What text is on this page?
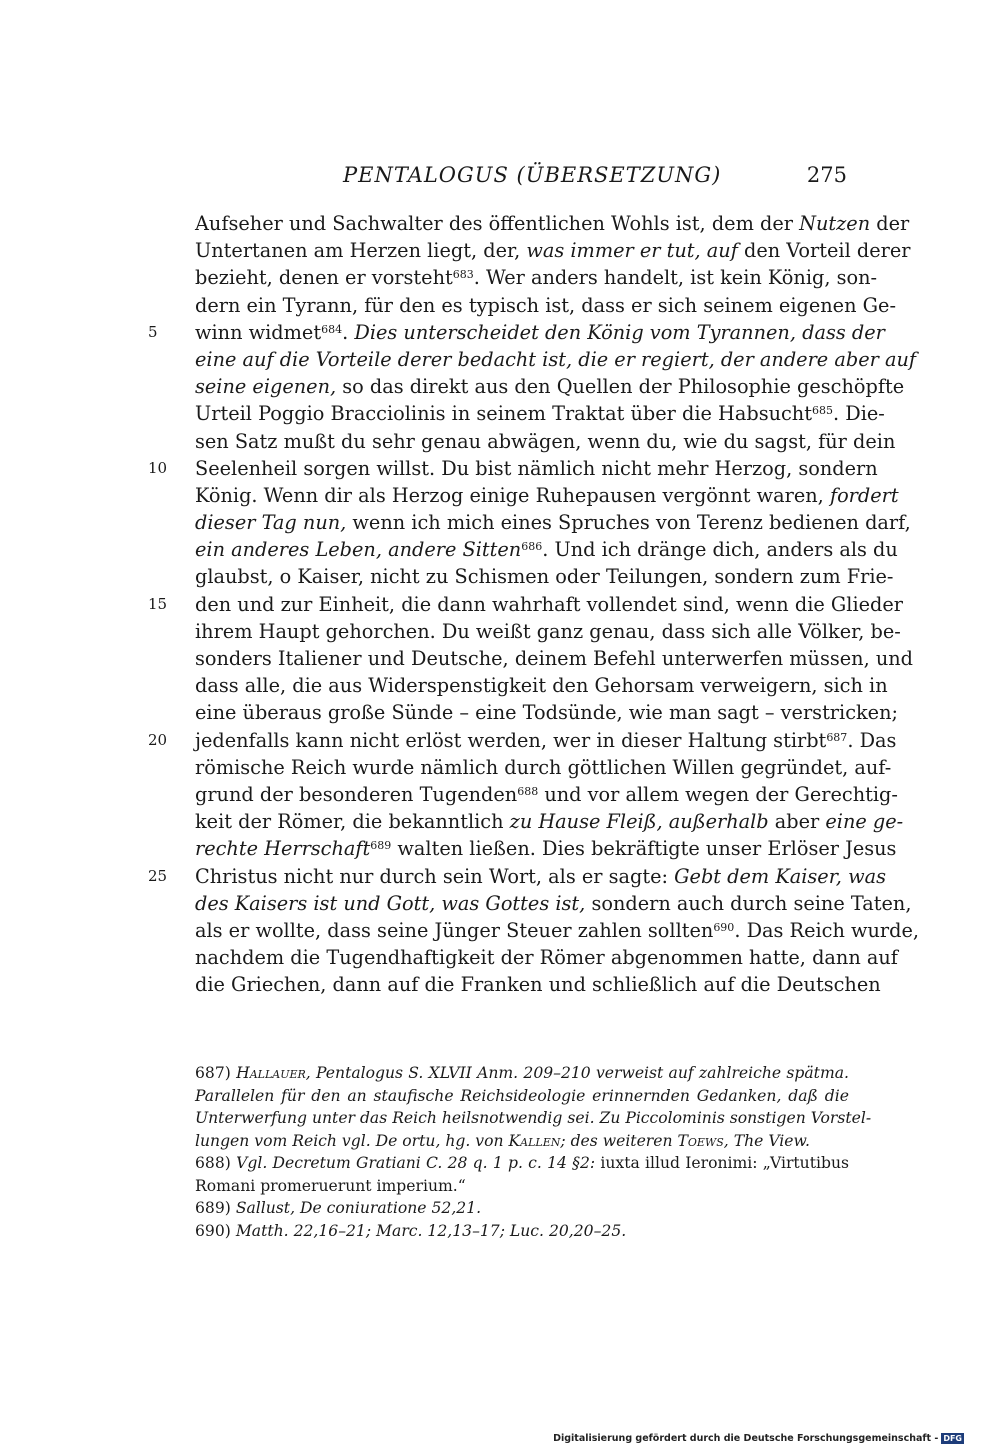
PENTALOGUS (ÜBERSETZUNG)	275
Aufseher und Sachwalter des öffentlichen Wohls ist, dem der Nutzen der
Untertanen am Herzen liegt, der, was immer er tut, auf den Vorteil derer
bezieht, denen er vorsteht$^{683}$. Wer anders handelt, ist kein König, son-
dern ein Tyrann, für den es typisch ist, dass er sich seinem eigenen Ge-
winn widmet$^{684}$. Dies unterscheidet den König vom Tyrannen, dass der
5
eine auf die Vorteile derer bedacht ist, die er regiert, der andere aber auf
seine eigenen, so das direkt aus den Quellen der Philosophie geschöpfte
Urteil Poggio Bracciolinis in seinem Traktat über die Habsucht$^{685}$. Die-
sen Satz mußt du sehr genau abwägen, wenn du, wie du sagst, für dein
Seelenheil sorgen willst. Du bist nämlich nicht mehr Herzog, sondern
10
König. Wenn dir als Herzog einige Ruhepausen vergönnt waren, fordert
dieser Tag nun, wenn ich mich eines Spruches von Terenz bedienen darf,
ein anderes Leben, andere Sitten$^{686}$. Und ich dränge dich, anders als du
glaubst, o Kaiser, nicht zu Schismen oder Teilungen, sondern zum Frie-
den und zur Einheit, die dann wahrhaft vollendet sind, wenn die Glieder
15
ihrem Haupt gehorchen. Du weißt ganz genau, dass sich alle Völker, be-
sonders Italiener und Deutsche, deinem Befehl unterwerfen müssen, und
dass alle, die aus Widerspenstigkeit den Gehorsam verweigern, sich in
eine überaus große Sünde – eine Todsünde, wie man sagt – verstricken;
jedenfalls kann nicht erlöst werden, wer in dieser Haltung stirbt$^{687}$. Das
20
römische Reich wurde nämlich durch göttlichen Willen gegründet, auf-
grund der besonderen Tugenden$^{688}$ und vor allem wegen der Gerechtig-
keit der Römer, die bekanntlich zu Hause Fleiß, außerhalb aber eine ge-
rechte Herrschaft$^{689}$ walten ließen. Dies bekräftigte unser Erlöser Jesus
Christus nicht nur durch sein Wort, als er sagte: Gebt dem Kaiser, was
25
des Kaisers ist und Gott, was Gottes ist, sondern auch durch seine Taten,
als er wollte, dass seine Jünger Steuer zahlen sollten$^{690}$. Das Reich wurde,
nachdem die Tugendhaftigkeit der Römer abgenommen hatte, dann auf
die Griechen, dann auf die Franken und schließlich auf die Deutschen
687) Hallauer, Pentalogus S. XLVII Anm. 209–210 verweist auf zahlreiche spätma.
Parallelen für den an staufische Reichsideologie erinnernden Gedanken, daß die
Unterwerfung unter das Reich heilsnotwendig sei. Zu Piccolominis sonstigen Vorstel-
lungen vom Reich vgl. De ortu, hg. von Kallen; des weiteren Toews, The View.
688) Vgl. Decretum Gratiani C. 28 q. 1 p. c. 14 §2: iuxta illud Ieronimi: „Virtutibus
Romani promeruerunt imperium.“
689) Sallust, De coniuratione 52,21.
690) Matth. 22,16–21; Marc. 12,13–17; Luc. 20,20–25.
Digitalisierung gefördert durch die Deutsche Forschungsgemeinschaft - DFG
